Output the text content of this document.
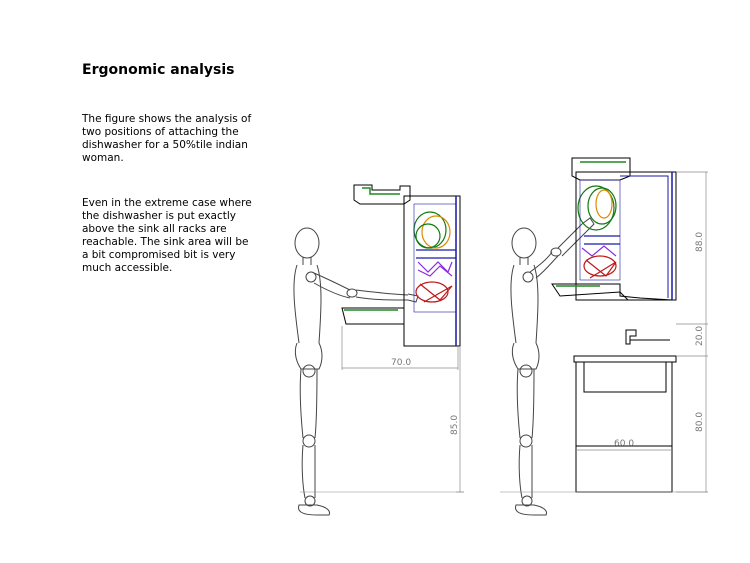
Ergonomic analysis

The figure shows the analysis of two positions of attaching the dishwasher for a 50%tile indian woman.

Even in the extreme case where the dishwasher is put exactly above the sink all racks are reachable. The sink area will be a bit compromised bit is very much accessible.

70.0
85.0
88.0
20.0
80.0
60.0
